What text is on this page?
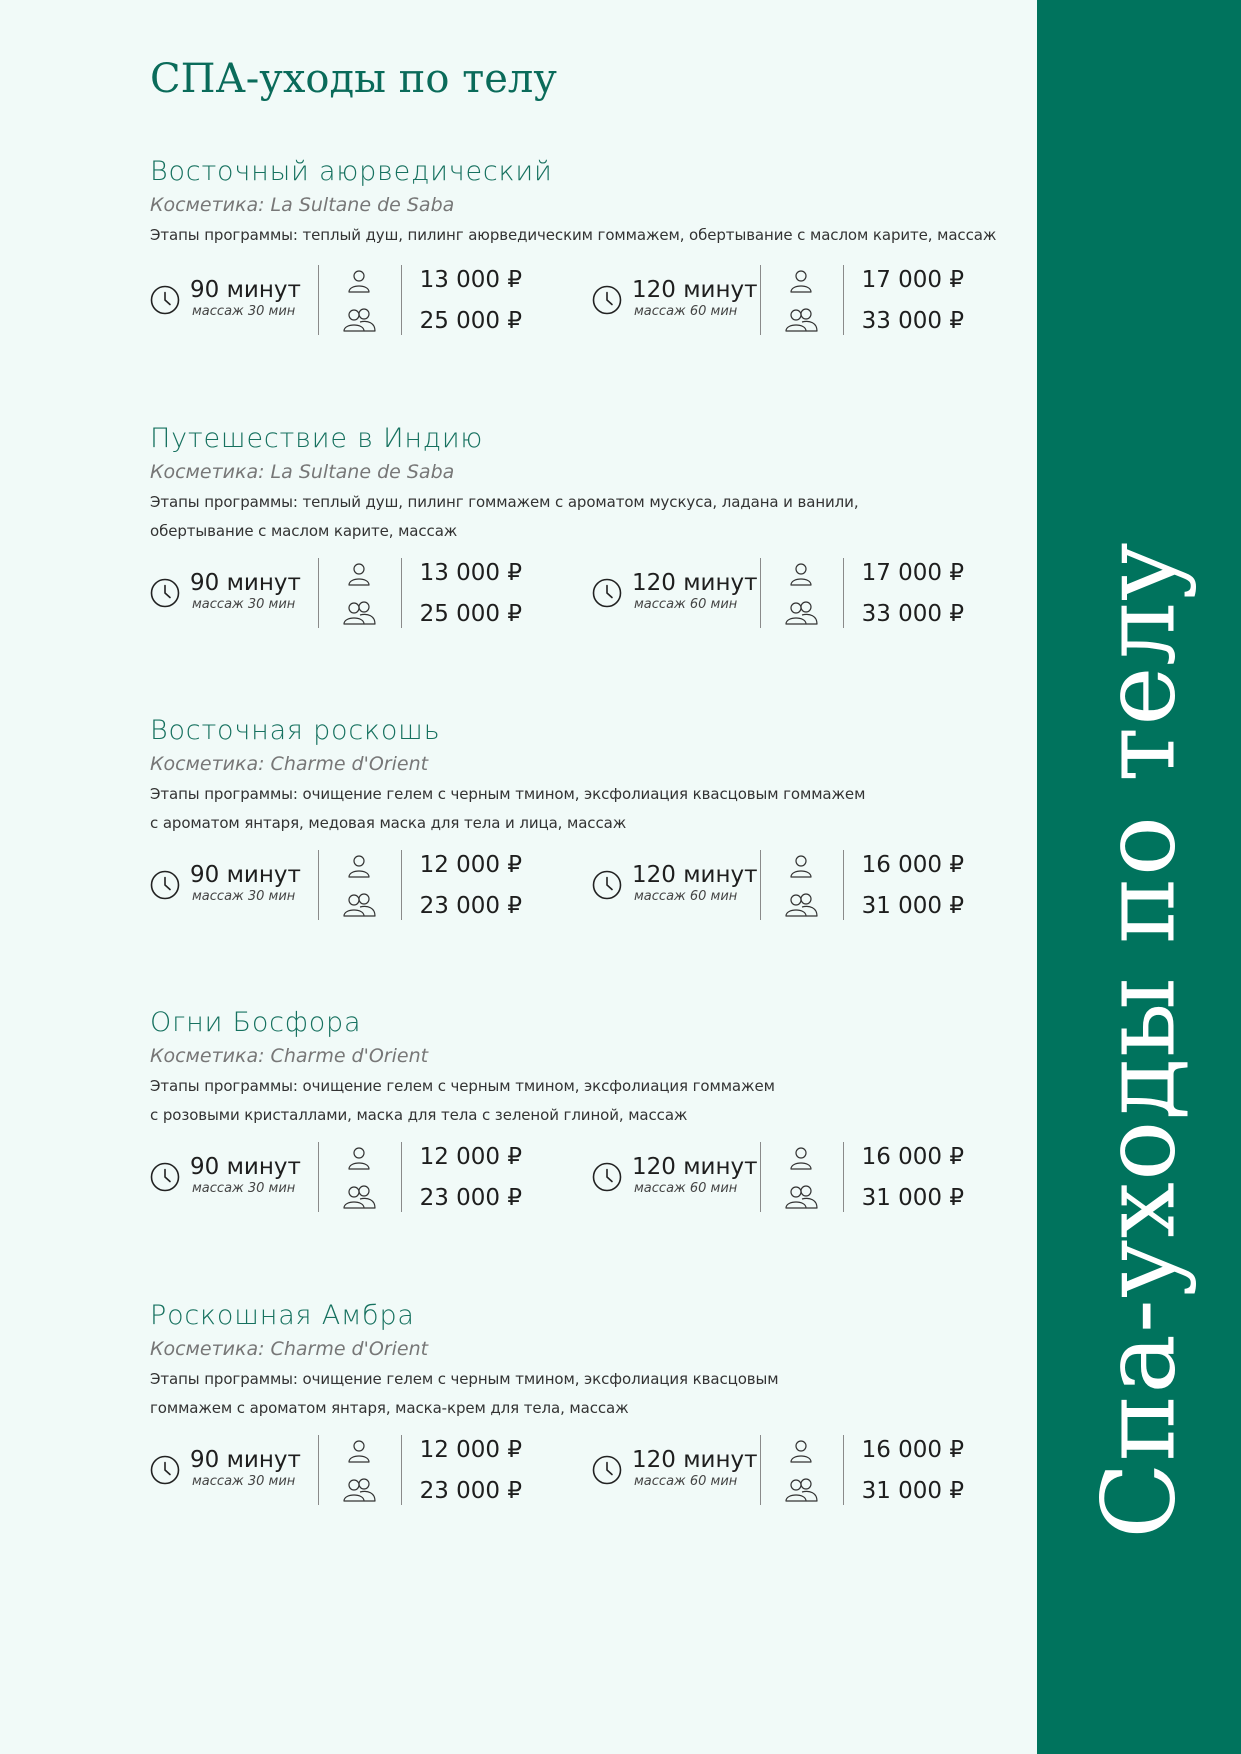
Спа-уходы по телу
СПА-уходы по телу
Восточный аюрведический
Косметика: La Sultane de Saba
Этапы программы: теплый душ, пилинг аюрведическим гоммажем, обертывание с маслом карите, массаж
90 минут
массаж 30 мин
13 000 ₽
25 000 ₽
120 минут
массаж 60 мин
17 000 ₽
33 000 ₽
Путешествие в Индию
Косметика: La Sultane de Saba
Этапы программы: теплый душ, пилинг гоммажем с ароматом мускуса, ладана и ванили,
обертывание с маслом карите, массаж
90 минут
массаж 30 мин
13 000 ₽
25 000 ₽
120 минут
массаж 60 мин
17 000 ₽
33 000 ₽
Восточная роскошь
Косметика: Charme d'Orient
Этапы программы: очищение гелем с черным тмином, эксфолиация квасцовым гоммажем
с ароматом янтаря, медовая маска для тела и лица, массаж
90 минут
массаж 30 мин
12 000 ₽
23 000 ₽
120 минут
массаж 60 мин
16 000 ₽
31 000 ₽
Огни Босфора
Косметика: Charme d'Orient
Этапы программы: очищение гелем с черным тмином, эксфолиация гоммажем
с розовыми кристаллами, маска для тела с зеленой глиной, массаж
90 минут
массаж 30 мин
12 000 ₽
23 000 ₽
120 минут
массаж 60 мин
16 000 ₽
31 000 ₽
Роскошная Амбра
Косметика: Charme d'Orient
Этапы программы: очищение гелем с черным тмином, эксфолиация квасцовым
гоммажем с ароматом янтаря, маска-крем для тела, массаж
90 минут
массаж 30 мин
12 000 ₽
23 000 ₽
120 минут
массаж 60 мин
16 000 ₽
31 000 ₽
